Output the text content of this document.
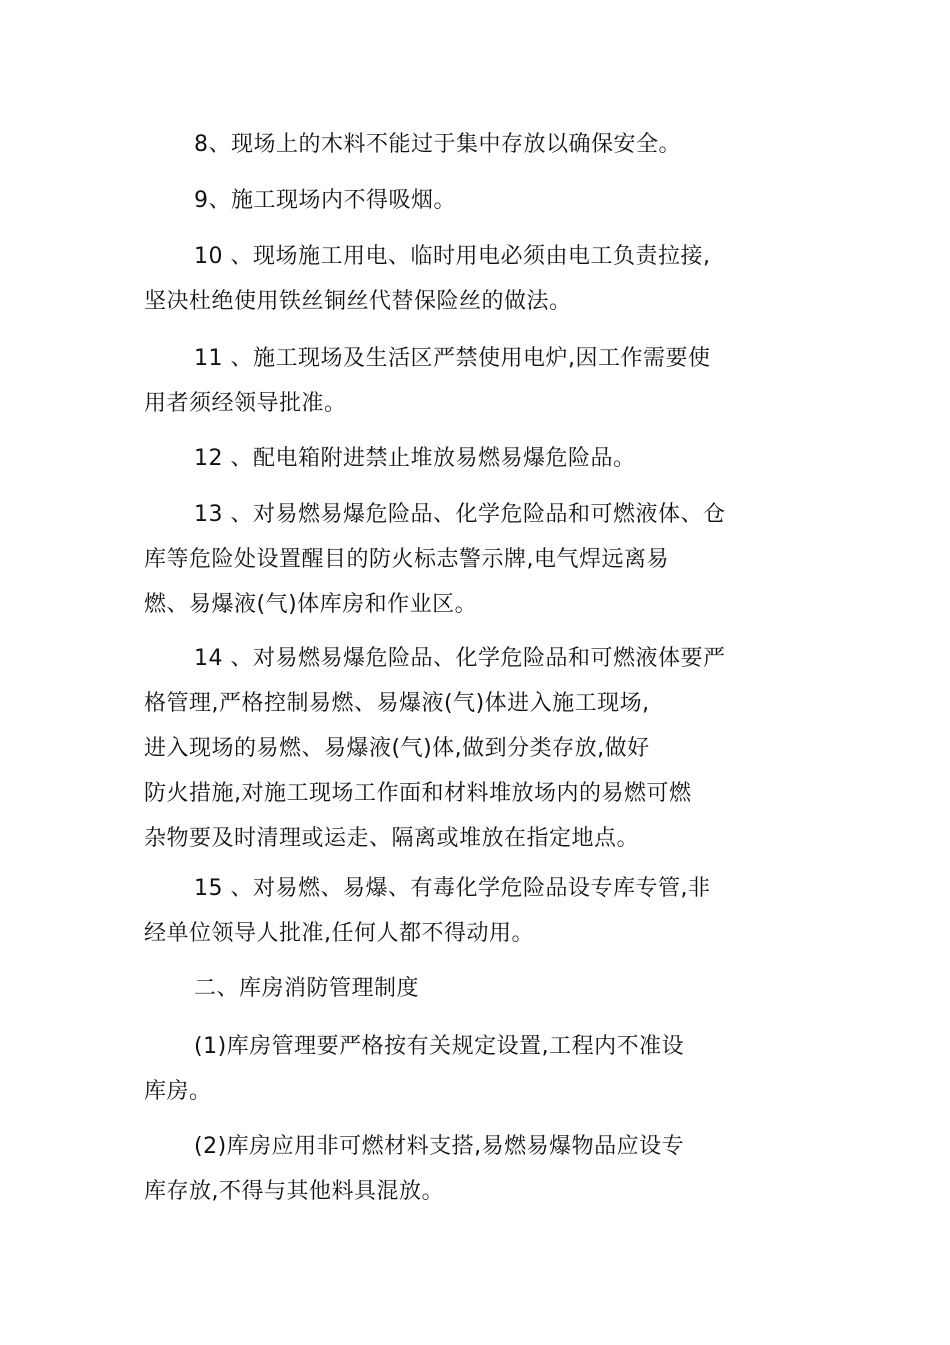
8、现场上的木料不能过于集中存放以确保安全。
9、施工现场内不得吸烟。
10 、现场施工用电、临时用电必须由电工负责拉接,
坚决杜绝使用铁丝铜丝代替保险丝的做法。
11 、施工现场及生活区严禁使用电炉,因工作需要使
用者须经领导批准。
12 、配电箱附进禁止堆放易燃易爆危险品。
13 、对易燃易爆危险品、化学危险品和可燃液体、仓
库等危险处设置醒目的防火标志警示牌,电气焊远离易
燃、易爆液(气)体库房和作业区。
14 、对易燃易爆危险品、化学危险品和可燃液体要严
格管理,严格控制易燃、易爆液(气)体进入施工现场,
进入现场的易燃、易爆液(气)体,做到分类存放,做好
防火措施,对施工现场工作面和材料堆放场内的易燃可燃
杂物要及时清理或运走、隔离或堆放在指定地点。
15 、对易燃、易爆、有毒化学危险品设专库专管,非
经单位领导人批准,任何人都不得动用。
二、库房消防管理制度
(1)库房管理要严格按有关规定设置,工程内不准设
库房。
(2)库房应用非可燃材料支搭,易燃易爆物品应设专
库存放,不得与其他料具混放。
